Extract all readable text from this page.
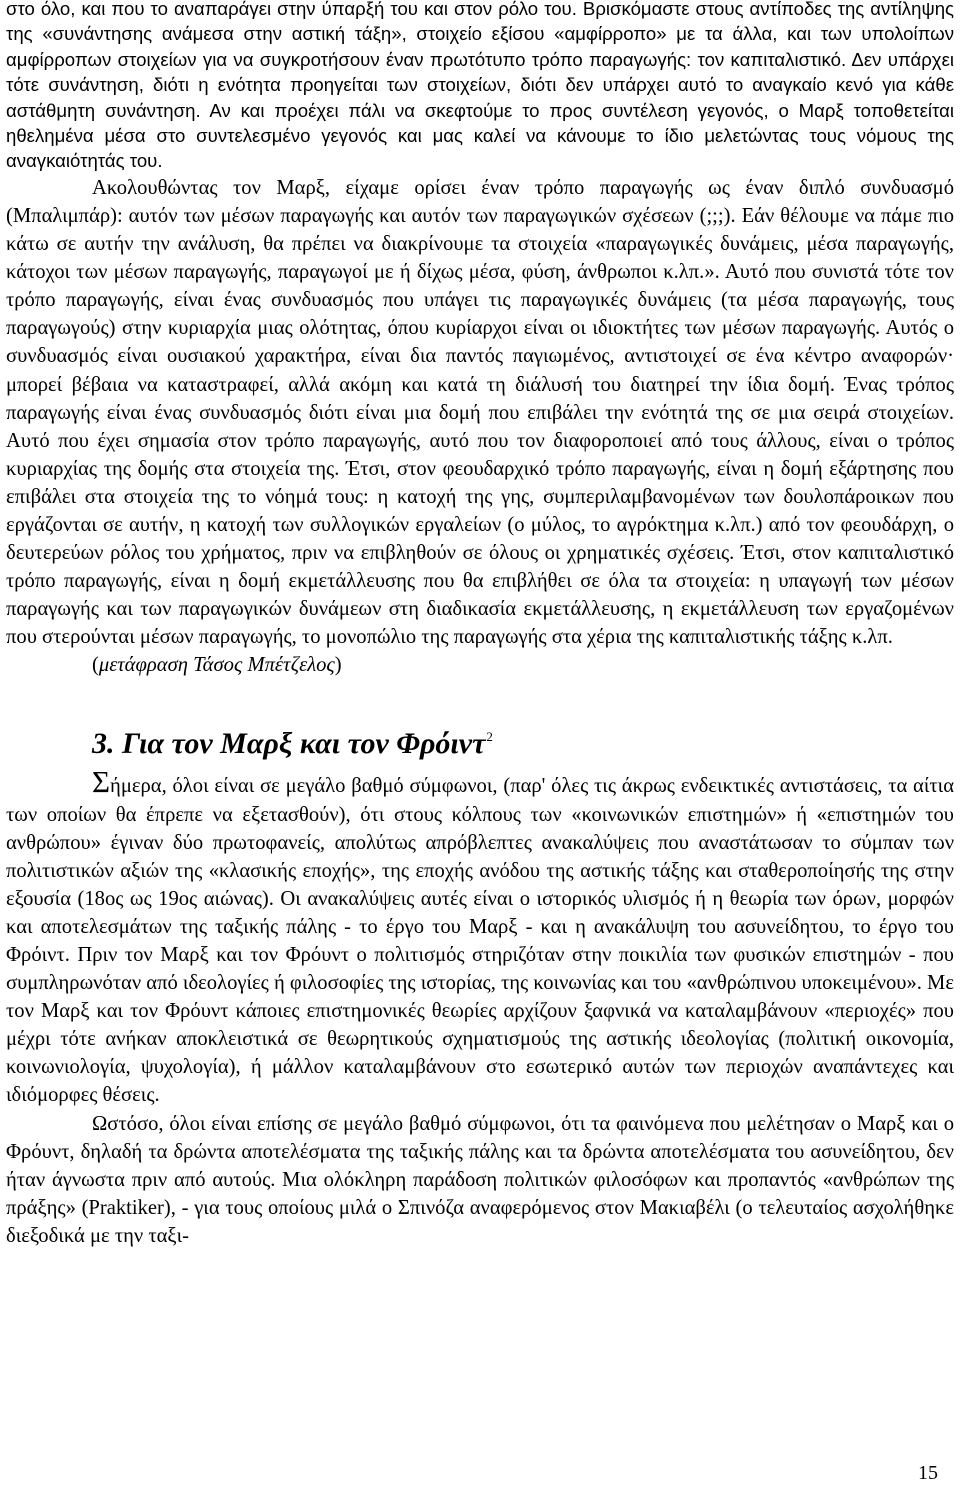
στο όλο, και που το αναπαράγει στην ύπαρξή του και στον ρόλο του. Βρισκόμαστε στους αντίποδες της αντίληψης της «συνάντησης ανάμεσα στην αστική τάξη», στοιχείο εξίσου «αμφίρροπο» με τα άλλα, και των υπολοίπων αμφίρροπων στοιχείων για να συγκροτήσουν έναν πρωτότυπο τρόπο παραγωγής: τον καπιταλιστικό. Δεν υπάρχει τότε συνάντηση, διότι η ενότητα προηγείται των στοιχείων, διότι δεν υπάρχει αυτό το αναγκαίο κενό για κάθε αστάθμητη συνάντηση. Αν και προέχει πάλι να σκεφτούμε το προς συντέλεση γεγονός, ο Μαρξ τοποθετείται ηθελημένα μέσα στο συντελεσμένο γεγονός και μας καλεί να κάνουμε το ίδιο μελετώντας τους νόμους της αναγκαιότητάς του.

Ακολουθώντας τον Μαρξ, είχαμε ορίσει έναν τρόπο παραγωγής ως έναν διπλό συνδυασμό (Μπαλιμπάρ): αυτόν των μέσων παραγωγής και αυτόν των παραγωγικών σχέσεων (;;;). Εάν θέλουμε να πάμε πιο κάτω σε αυτήν την ανάλυση, θα πρέπει να διακρίνουμε τα στοιχεία «παραγωγικές δυνάμεις, μέσα παραγωγής, κάτοχοι των μέσων παραγωγής, παραγωγοί με ή δίχως μέσα, φύση, άνθρωποι κ.λπ.». Αυτό που συνιστά τότε τον τρόπο παραγωγής, είναι ένας συνδυασμός που υπάγει τις παραγωγικές δυνάμεις (τα μέσα παραγωγής, τους παραγωγούς) στην κυριαρχία μιας ολότητας, όπου κυρίαρχοι είναι οι ιδιοκτήτες των μέσων παραγωγής. Αυτός ο συνδυασμός είναι ουσιακού χαρακτήρα, είναι δια παντός παγιωμένος, αντιστοιχεί σε ένα κέντρο αναφορών· μπορεί βέβαια να καταστραφεί, αλλά ακόμη και κατά τη διάλυσή του διατηρεί την ίδια δομή. Ένας τρόπος παραγωγής είναι ένας συνδυασμός διότι είναι μια δομή που επιβάλει την ενότητά της σε μια σειρά στοιχείων. Αυτό που έχει σημασία στον τρόπο παραγωγής, αυτό που τον διαφοροποιεί από τους άλλους, είναι ο τρόπος κυριαρχίας της δομής στα στοιχεία της. Έτσι, στον φεουδαρχικό τρόπο παραγωγής, είναι η δομή εξάρτησης που επιβάλει στα στοιχεία της το νόημά τους: η κατοχή της γης, συμπεριλαμβανομένων των δουλοπάροικων που εργάζονται σε αυτήν, η κατοχή των συλλογικών εργαλείων (ο μύλος, το αγρόκτημα κ.λπ.) από τον φεουδάρχη, ο δευτερεύων ρόλος του χρήματος, πριν να επιβληθούν σε όλους οι χρηματικές σχέσεις. Έτσι, στον καπιταλιστικό τρόπο παραγωγής, είναι η δομή εκμετάλλευσης που θα επιβλήθει σε όλα τα στοιχεία: η υπαγωγή των μέσων παραγωγής και των παραγωγικών δυνάμεων στη διαδικασία εκμετάλλευσης, η εκμετάλλευση των εργαζομένων που στερούνται μέσων παραγωγής, το μονοπώλιο της παραγωγής στα χέρια της καπιταλιστικής τάξης κ.λπ.

(μετάφραση Τάσος Μπέτζελος)

3. Για τον Μαρξ και τον Φρόιντ$^2$

Σήμερα, όλοι είναι σε μεγάλο βαθμό σύμφωνοι, (παρ' όλες τις άκρως ενδεικτικές αντιστάσεις, τα αίτια των οποίων θα έπρεπε να εξετασθούν), ότι στους κόλπους των «κοινωνικών επιστημών» ή «επιστημών του ανθρώπου» έγιναν δύο πρωτοφανείς, απολύτως απρόβλεπτες ανακαλύψεις που αναστάτωσαν το σύμπαν των πολιτιστικών αξιών της «κλασικής εποχής», της εποχής ανόδου της αστικής τάξης και σταθεροποίησής της στην εξουσία (18ος ως 19ος αιώνας). Οι ανακαλύψεις αυτές είναι ο ιστορικός υλισμός ή η θεωρία των όρων, μορφών και αποτελεσμάτων της ταξικής πάλης - το έργο του Μαρξ - και η ανακάλυψη του ασυνείδητου, το έργο του Φρόιντ. Πριν τον Μαρξ και τον Φρόυντ ο πολιτισμός στηριζόταν στην ποικιλία των φυσικών επιστημών - που συμπληρωνόταν από ιδεολογίες ή φιλοσοφίες της ιστορίας, της κοινωνίας και του «ανθρώπινου υποκειμένου». Με τον Μαρξ και τον Φρόυντ κάποιες επιστημονικές θεωρίες αρχίζουν ξαφνικά να καταλαμβάνουν «περιοχές» που μέχρι τότε ανήκαν αποκλειστικά σε θεωρητικούς σχηματισμούς της αστικής ιδεολογίας (πολιτική οικονομία, κοινωνιολογία, ψυχολογία), ή μάλλον καταλαμβάνουν στο εσωτερικό αυτών των περιοχών αναπάντεχες και ιδιόμορφες θέσεις.

Ωστόσο, όλοι είναι επίσης σε μεγάλο βαθμό σύμφωνοι, ότι τα φαινόμενα που μελέτησαν ο Μαρξ και ο Φρόυντ, δηλαδή τα δρώντα αποτελέσματα της ταξικής πάλης και τα δρώντα αποτελέσματα του ασυνείδητου, δεν ήταν άγνωστα πριν από αυτούς. Μια ολόκληρη παράδοση πολιτικών φιλοσόφων και προπαντός «ανθρώπων της πράξης» (Praktiker), - για τους οποίους μιλά ο Σπινόζα αναφερόμενος στον Μακιαβέλι (ο τελευταίος ασχολήθηκε διεξοδικά με την ταξι-

15
